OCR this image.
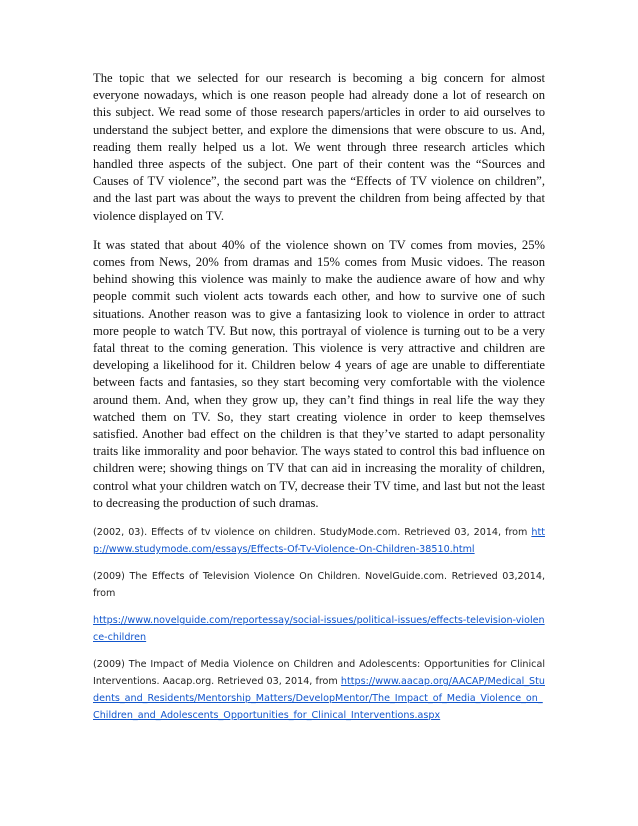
The topic that we selected for our research is becoming a big concern for almost everyone nowadays, which is one reason people had already done a lot of research on this subject. We read some of those research papers/articles in order to aid ourselves to understand the subject better, and explore the dimensions that were obscure to us. And, reading them really helped us a lot. We went through three research articles which handled three aspects of the subject. One part of their content was the “Sources and Causes of TV violence”, the second part was the “Effects of TV violence on children”, and the last part was about the ways to prevent the children from being affected by that violence displayed on TV.

It was stated that about 40% of the violence shown on TV comes from movies, 25% comes from News, 20% from dramas and 15% comes from Music vidoes. The reason behind showing this violence was mainly to make the audience aware of how and why people commit such violent acts towards each other, and how to survive one of such situations. Another reason was to give a fantasizing look to violence in order to attract more people to watch TV. But now, this portrayal of violence is turning out to be a very fatal threat to the coming generation. This violence is very attractive and children are developing a likelihood for it. Children below 4 years of age are unable to differentiate between facts and fantasies, so they start becoming very comfortable with the violence around them. And, when they grow up, they can’t find things in real life the way they watched them on TV. So, they start creating violence in order to keep themselves satisfied. Another bad effect on the children is that they’ve started to adapt personality traits like immorality and poor behavior. The ways stated to control this bad influence on children were; showing things on TV that can aid in increasing the morality of children, control what your children watch on TV, decrease their TV time, and last but not the least to decreasing the production of such dramas.

(2002, 03). Effects of tv violence on children. StudyMode.com. Retrieved 03, 2014, from http://www.studymode.com/essays/Effects-Of-Tv-Violence-On-Children-38510.html

(2009) The Effects of Television Violence On Children. NovelGuide.com. Retrieved 03,2014, from

https://www.novelguide.com/reportessay/social-issues/political-issues/effects-television-violence-children

(2009) The Impact of Media Violence on Children and Adolescents: Opportunities for Clinical Interventions. Aacap.org. Retrieved 03, 2014, from https://www.aacap.org/AACAP/Medical_Students_and_Residents/Mentorship_Matters/DevelopMentor/The_Impact_of_Media_Violence_on_Children_and_Adolescents_Opportunities_for_Clinical_Interventions.aspx
